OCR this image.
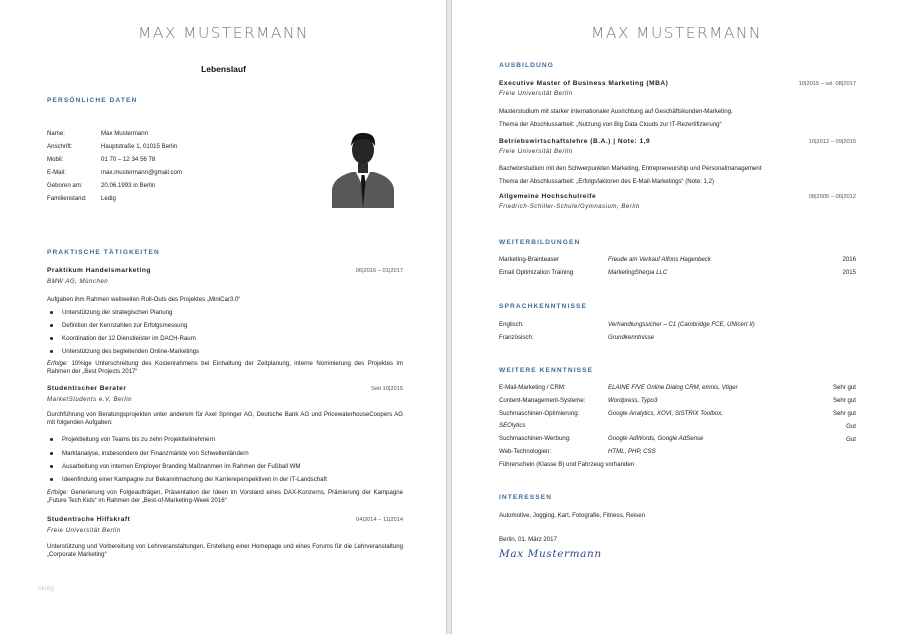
MAX MUSTERMANN
Lebenslauf
PERSÖNLICHE DATEN
Name:	Max Mustermann
Anschrift:	Hauptstraße 1, 01015 Berlin
Mobil:	01 70 – 12 34 56 78
E-Mail:	max.mustermann@gmail.com
Geboren am:	20.06.1993 in Berlin
Familienstand: Ledig
PRAKTISCHE TÄTIGKEITEN
Praktikum Handelsmarketing	06|2016 – 01|2017
BMW AG, München
Aufgaben ihm Rahmen weltweiten Roll-Outs des Projektes „MiniCar3.0“
Unterstützung der strategischen Planung
Definition der Kennzahlen zur Erfolgsmessung
Koordination der 12 Dienstleister im DACH-Raum
Unterstützung des begleitenden Online-Marketings
Erfolge: 10%ige Unterschreitung des Kostenrahmens bei Einhaltung der Zeitplanung, interne Nominierung des Projektes im Rahmen der „Best Projects 2017“
Studentischer Berater	Seit 10|2015
MarketStudents e.V, Berlin
Durchführung von Beratungsprojekten unter anderem für Axel Springer AG, Deutsche Bank AG und PricewaterhouseCoopers AG mit folgenden Aufgaben:
Projektleitung von Teams bis zu zehn Projektteilnehmern
Marktanalyse, insbesondere der Finanzmärkte von Schwellenländern
Ausarbeitung von internen Employer Branding Maßnahmen im Rahmen der Fußball WM
Ideenfindung einer Kampagne zur Bekanntmachung der Karriereperspektiven in der IT-Landschaft
Erfolge: Generierung von Folgeaufträgen, Präsentation der Ideen im Vorstand eines DAX-Konzerns, Prämierung der Kampagne „Future Tech Kids“ im Rahmen der „Best-of-Marketing-Week 2016“
Studentische Hilfskraft	04|2014 – 11|2014
Freie Universität Berlin
Unterstützung und Vorbereitung von Lehrveranstaltungen, Erstellung einer Homepage und eines Forums für die Lehrveranstaltung „Corporate Marketing“
bloeg
MAX MUSTERMANN
AUSBILDUNG
Executive Master of Business Marketing (MBA)	10|2015 – vsl. 08|2017
Freie Universität Berlin
Masterstudium mit starker internationaler Ausrichtung auf Geschäftskunden-Marketing.
Thema der Abschlussarbeit: „Nutzung von Big Data Clouds zur IT-Rezertifizierung“
Betriebswirtschaftslehre (B.A.) | Note: 1,9	10|2012 – 09|2015
Freie Universität Berlin
Bachelorstudium mit den Schwerpunkten Marketing, Entrepreneurship und Personalmanagement
Thema der Abschlussarbeit: „Erfolgsfaktoren des E-Mail-Marketings“ (Note: 1,2)
Allgemeine Hochschulreife	08|2005 – 06|2012
Friedrich-Schiller-Schule/Gymnasium, Berlin
WEITERBILDUNGEN
Marketing-Brainteaser	Freude am Verkauf Alfons Hagenbeck	2016
Email Optimization Training	MarketingSherpa LLC	2015
SPRACHKENNTNISSE
Englisch:	Verhandlungssicher – C1 (Cambridge FCE, UNIcert II)
Französisch:	Grundkenntnisse
WEITERE KENNTNISSE
E-Mail-Marketing / CRM:	ELAINE FIVE Online Dialog CRM, emnis, Vtiger	Sehr gut
Content-Management-Systeme:	Wordpress, Typo3	Sehr gut
Suchmaschinen-Optimierung:	Google Analytics, XOVI, SISTRIX Toolbox,	Sehr gut
SEOlytics	Gut
Suchmaschinen-Werbung:	Google AdWords, Google AdSense	Gut
Web-Technologien:	HTML, PHP, CSS
Führerschein (Klasse B) und Fahrzeug vorhanden
INTERESSEN
Automotive, Jogging, Kart, Fotografie, Fitness, Reisen
Berlin, 01. März 2017
Max Mustermann
